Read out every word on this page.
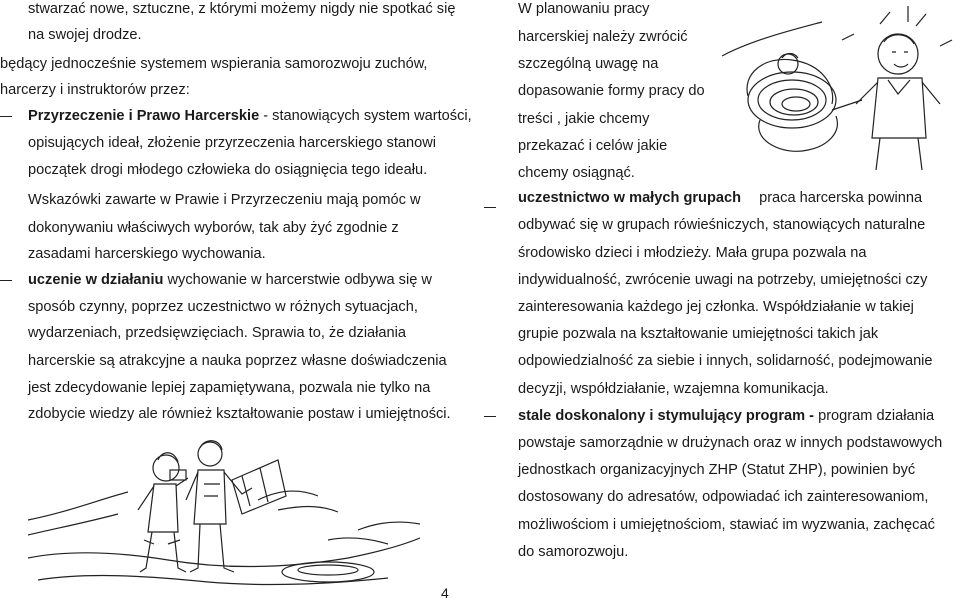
stwarzać nowe, sztuczne, z którymi możemy nigdy nie spotkać się
na swojej drodze.
będący jednocześnie systemem wspierania samorozwoju zuchów,
harcerzy i instruktorów przez:
Przyrzeczenie i Prawo Harcerskie - stanowiących system wartości,
opisujących ideał, złożenie przyrzeczenia harcerskiego stanowi
początek drogi młodego człowieka do osiągnięcia tego ideału.
Wskazówki zawarte w Prawie i Przyrzeczeniu mają pomóc w
dokonywaniu właściwych wyborów, tak aby żyć zgodnie z
zasadami harcerskiego wychowania.
uczenie w działaniu wychowanie w harcerstwie odbywa się w
sposób czynny, poprzez uczestnictwo w różnych sytuacjach,
wydarzeniach, przedsięwzięciach. Sprawia to, że działania
harcerskie są atrakcyjne a nauka poprzez własne doświadczenia
jest zdecydowanie lepiej zapamiętywana, pozwala nie tylko na
zdobycie wiedzy ale również kształtowanie postaw i umiejętności.
W planowaniu pracy
harcerskiej należy zwrócić
szczególną uwagę na
dopasowanie formy pracy do
treści , jakie chcemy
przekazać i celów jakie
chcemy osiągnąć.
uczestnictwo w małych grupach praca harcerska powinna
odbywać się w grupach rówieśniczych, stanowiących naturalne
środowisko dzieci i młodzieży. Mała grupa pozwala na
indywidualność, zwrócenie uwagi na potrzeby, umiejętności czy
zainteresowania każdego jej członka. Współdziałanie w takiej
grupie pozwala na kształtowanie umiejętności takich jak
odpowiedzialność za siebie i innych, solidarność, podejmowanie
decyzji, współdziałanie, wzajemna komunikacja.
stale doskonalony i stymulujący program - program działania
powstaje samorządnie w drużynach oraz w innych podstawowych
jednostkach organizacyjnych ZHP (Statut ZHP), powinien być
dostosowany do adresatów, odpowiadać ich zainteresowaniom,
możliwościom i umiejętnościom, stawiać im wyzwania, zachęcać
do samorozwoju.
4
